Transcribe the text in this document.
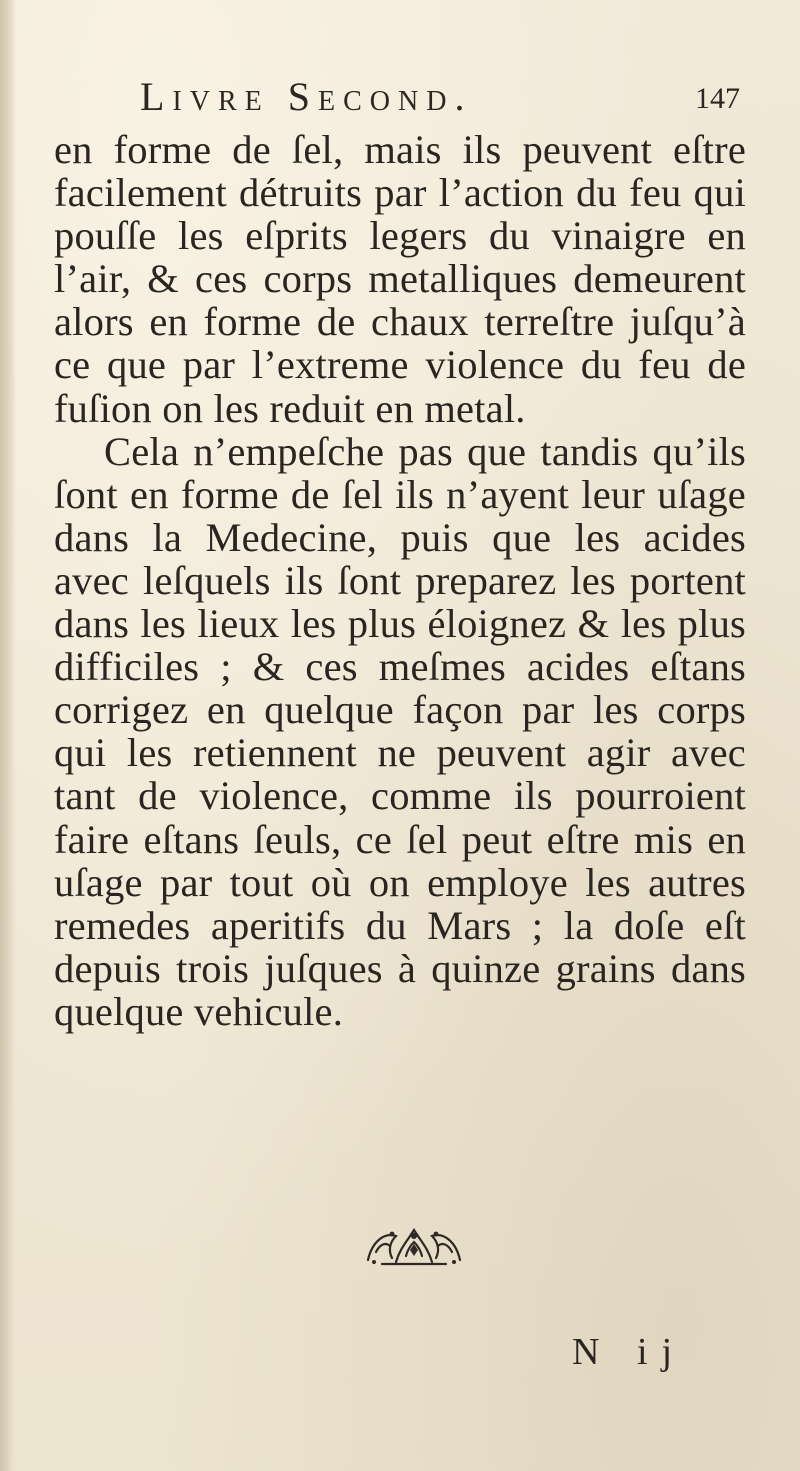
Livre Second.	147

en forme de ſel, mais ils peuvent eſtre facilement détruits par l’action du feu qui pouſſe les eſprits legers du vinaigre en l’air, & ces corps metalliques demeurent alors en forme de chaux terreſtre juſqu’à ce que par l’extreme violence du feu de fuſion on les reduit en metal.

Cela n’empeſche pas que tandis qu’ils ſont en forme de ſel ils n’ayent leur uſage dans la Medecine, puis que les acides avec leſquels ils ſont preparez les portent dans les lieux les plus éloignez & les plus difficiles ; & ces meſmes acides eſtans corrigez en quelque façon par les corps qui les retiennent ne peuvent agir avec tant de violence, comme ils pourroient faire eſtans ſeuls, ce ſel peut eſtre mis en uſage par tout où on employe les autres remedes aperitifs du Mars ; la doſe eſt depuis trois juſques à quinze grains dans quelque vehicule.

N ij
